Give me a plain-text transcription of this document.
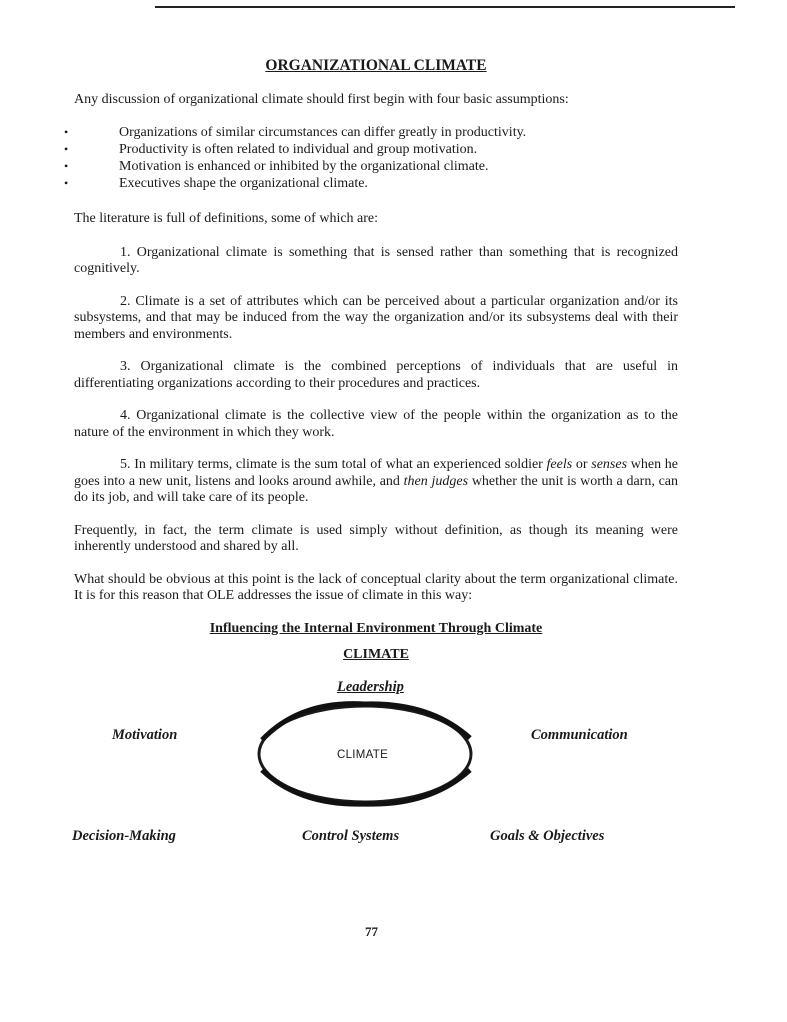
ORGANIZATIONAL CLIMATE

Any discussion of organizational climate should first begin with four basic assumptions:

•	Organizations of similar circumstances can differ greatly in productivity.
•	Productivity is often related to individual and group motivation.
•	Motivation is enhanced or inhibited by the organizational climate.
•	Executives shape the organizational climate.

The literature is full of definitions, some of which are:

1. Organizational climate is something that is sensed rather than something that is recognized cognitively.

2. Climate is a set of attributes which can be perceived about a particular organization and/or its subsystems, and that may be induced from the way the organization and/or its subsystems deal with their members and environments.

3. Organizational climate is the combined perceptions of individuals that are useful in differentiating organizations according to their procedures and practices.

4. Organizational climate is the collective view of the people within the organization as to the nature of the environment in which they work.

5. In military terms, climate is the sum total of what an experienced soldier feels or senses when he goes into a new unit, listens and looks around awhile, and then judges whether the unit is worth a darn, can do its job, and will take care of its people.

Frequently, in fact, the term climate is used simply without definition, as though its meaning were inherently understood and shared by all.

What should be obvious at this point is the lack of conceptual clarity about the term organizational climate. It is for this reason that OLE addresses the issue of climate in this way:

Influencing the Internal Environment Through Climate
CLIMATE
CLIMATE
Leadership
Motivation	Communication
Decision-Making	Control Systems	Goals & Objectives
77
